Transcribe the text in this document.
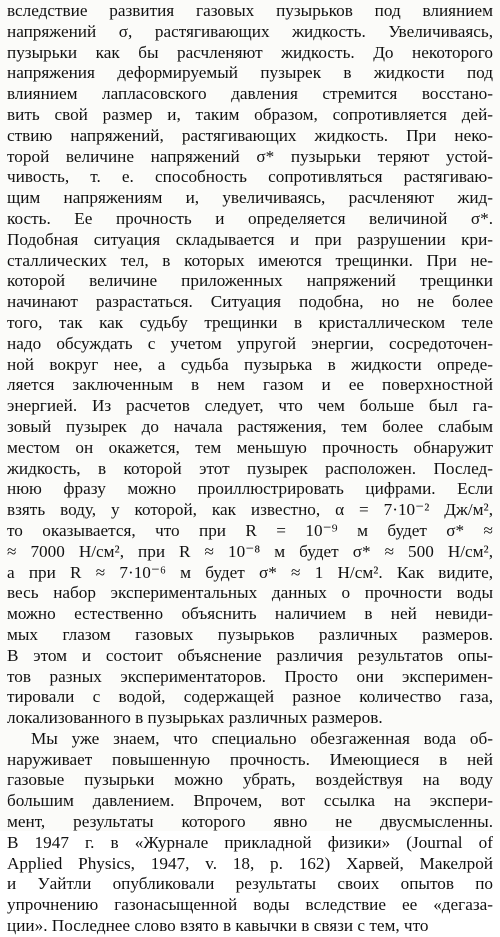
вследствие развития газовых пузырьков под влиянием
напряжений σ, растягивающих жидкость. Увеличиваясь,
пузырьки как бы расчленяют жидкость. До некоторого
напряжения деформируемый пузырек в жидкости под
влиянием лапласовского давления стремится восстано-
вить свой размер и, таким образом, сопротивляется дей-
ствию напряжений, растягивающих жидкость. При неко-
торой величине напряжений σ* пузырьки теряют устой-
чивость, т. е. способность сопротивляться растягиваю-
щим напряжениям и, увеличиваясь, расчленяют жид-
кость. Ее прочность и определяется величиной σ*.
Подобная ситуация складывается и при разрушении кри-
сталлических тел, в которых имеются трещинки. При не-
которой величине приложенных напряжений трещинки
начинают разрастаться. Ситуация подобна, но не более
того, так как судьбу трещинки в кристаллическом теле
надо обсуждать с учетом упругой энергии, сосредоточен-
ной вокруг нее, а судьба пузырька в жидкости опреде-
ляется заключенным в нем газом и ее поверхностной
энергией. Из расчетов следует, что чем больше был га-
зовый пузырек до начала растяжения, тем более слабым
местом он окажется, тем меньшую прочность обнаружит
жидкость, в которой этот пузырек расположен. Послед-
нюю фразу можно проиллюстрировать цифрами. Если
взять воду, у которой, как известно, α = 7·10⁻² Дж/м²,
то оказывается, что при R = 10⁻⁹ м будет σ* ≈
≈ 7000 Н/см², при R ≈ 10⁻⁸ м будет σ* ≈ 500 Н/см²,
а при R ≈ 7·10⁻⁶ м будет σ* ≈ 1 Н/см². Как видите,
весь набор экспериментальных данных о прочности воды
можно естественно объяснить наличием в ней невиди-
мых глазом газовых пузырьков различных размеров.
В этом и состоит объяснение различия результатов опы-
тов разных экспериментаторов. Просто они эксперимен-
тировали с водой, содержащей разное количество газа,
локализованного в пузырьках различных размеров.
Мы уже знаем, что специально обезгаженная вода об-
наруживает повышенную прочность. Имеющиеся в ней
газовые пузырьки можно убрать, воздействуя на воду
большим давлением. Впрочем, вот ссылка на экспери-
мент, результаты которого явно не двусмысленны.
В 1947 г. в «Журнале прикладной физики» (Journal of
Applied Physics, 1947, v. 18, p. 162) Харвей, Макелрой
и Уайтли опубликовали результаты своих опытов по
упрочнению газонасыщенной воды вследствие ее «дегаза-
ции». Последнее слово взято в кавычки в связи с тем, что
